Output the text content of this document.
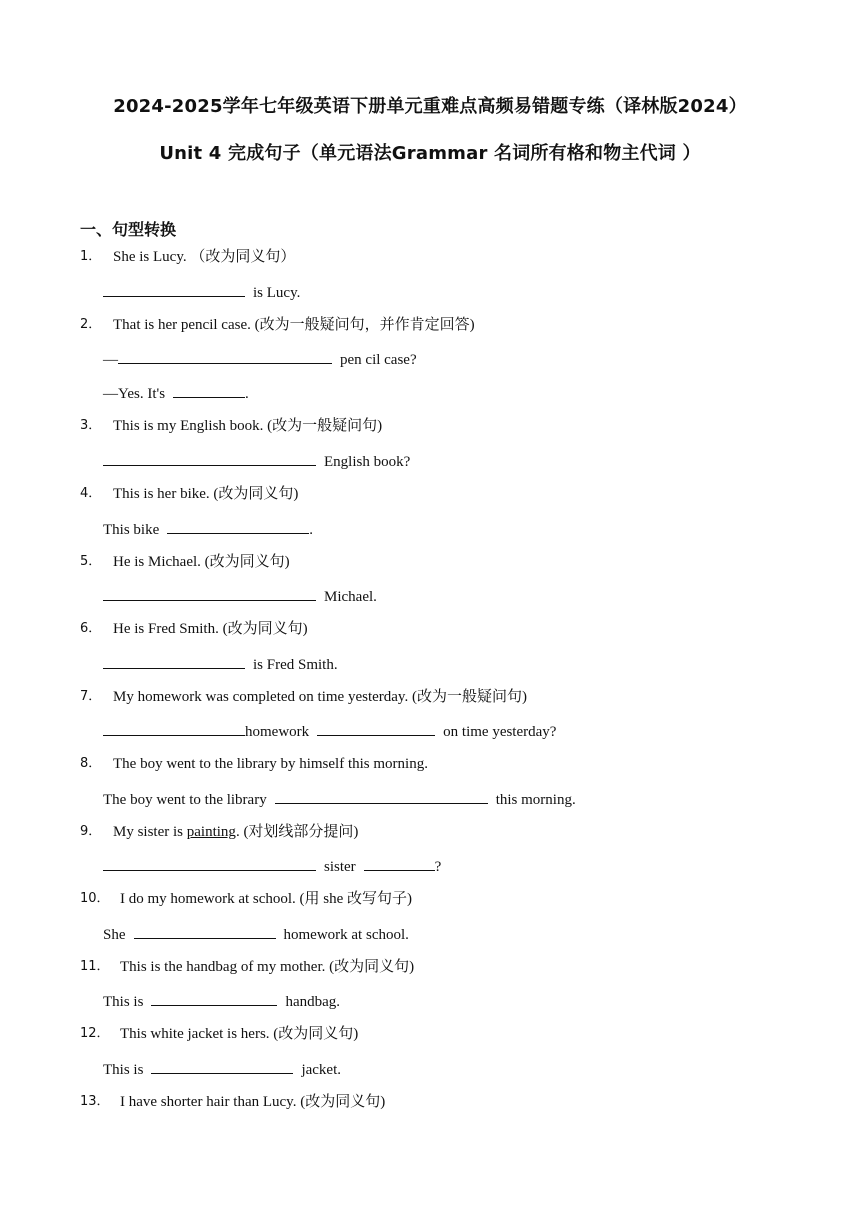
2024-2025学年七年级英语下册单元重难点高频易错题专练（译林版2024）
Unit 4 完成句子（单元语法Grammar 名词所有格和物主代词 ）
一、句型转换
1． She is Lucy. （改为同义句）
is Lucy.
2． That is her pencil case. (改为一般疑问句，并作肯定回答)
—	pen cil case?
—Yes. It's	.
3． This is my English book. (改为一般疑问句)
English book?
4． This is her bike. (改为同义句)
This bike	.
5． He is Michael. (改为同义句)
Michael.
6． He is Fred Smith. (改为同义句)
is Fred Smith.
7． My homework was completed on time yesterday. (改为一般疑问句)
homework	on time yesterday?
8． The boy went to the library by himself this morning.
The boy went to the library	this morning.
9． My sister is painting. (对划线部分提问)
sister	?
10． I do my homework at school. (用 she 改写句子)
She	homework at school.
11． This is the handbag of my mother. (改为同义句)
This is	handbag.
12． This white jacket is hers. (改为同义句)
This is	jacket.
13． I have shorter hair than Lucy. (改为同义句)
